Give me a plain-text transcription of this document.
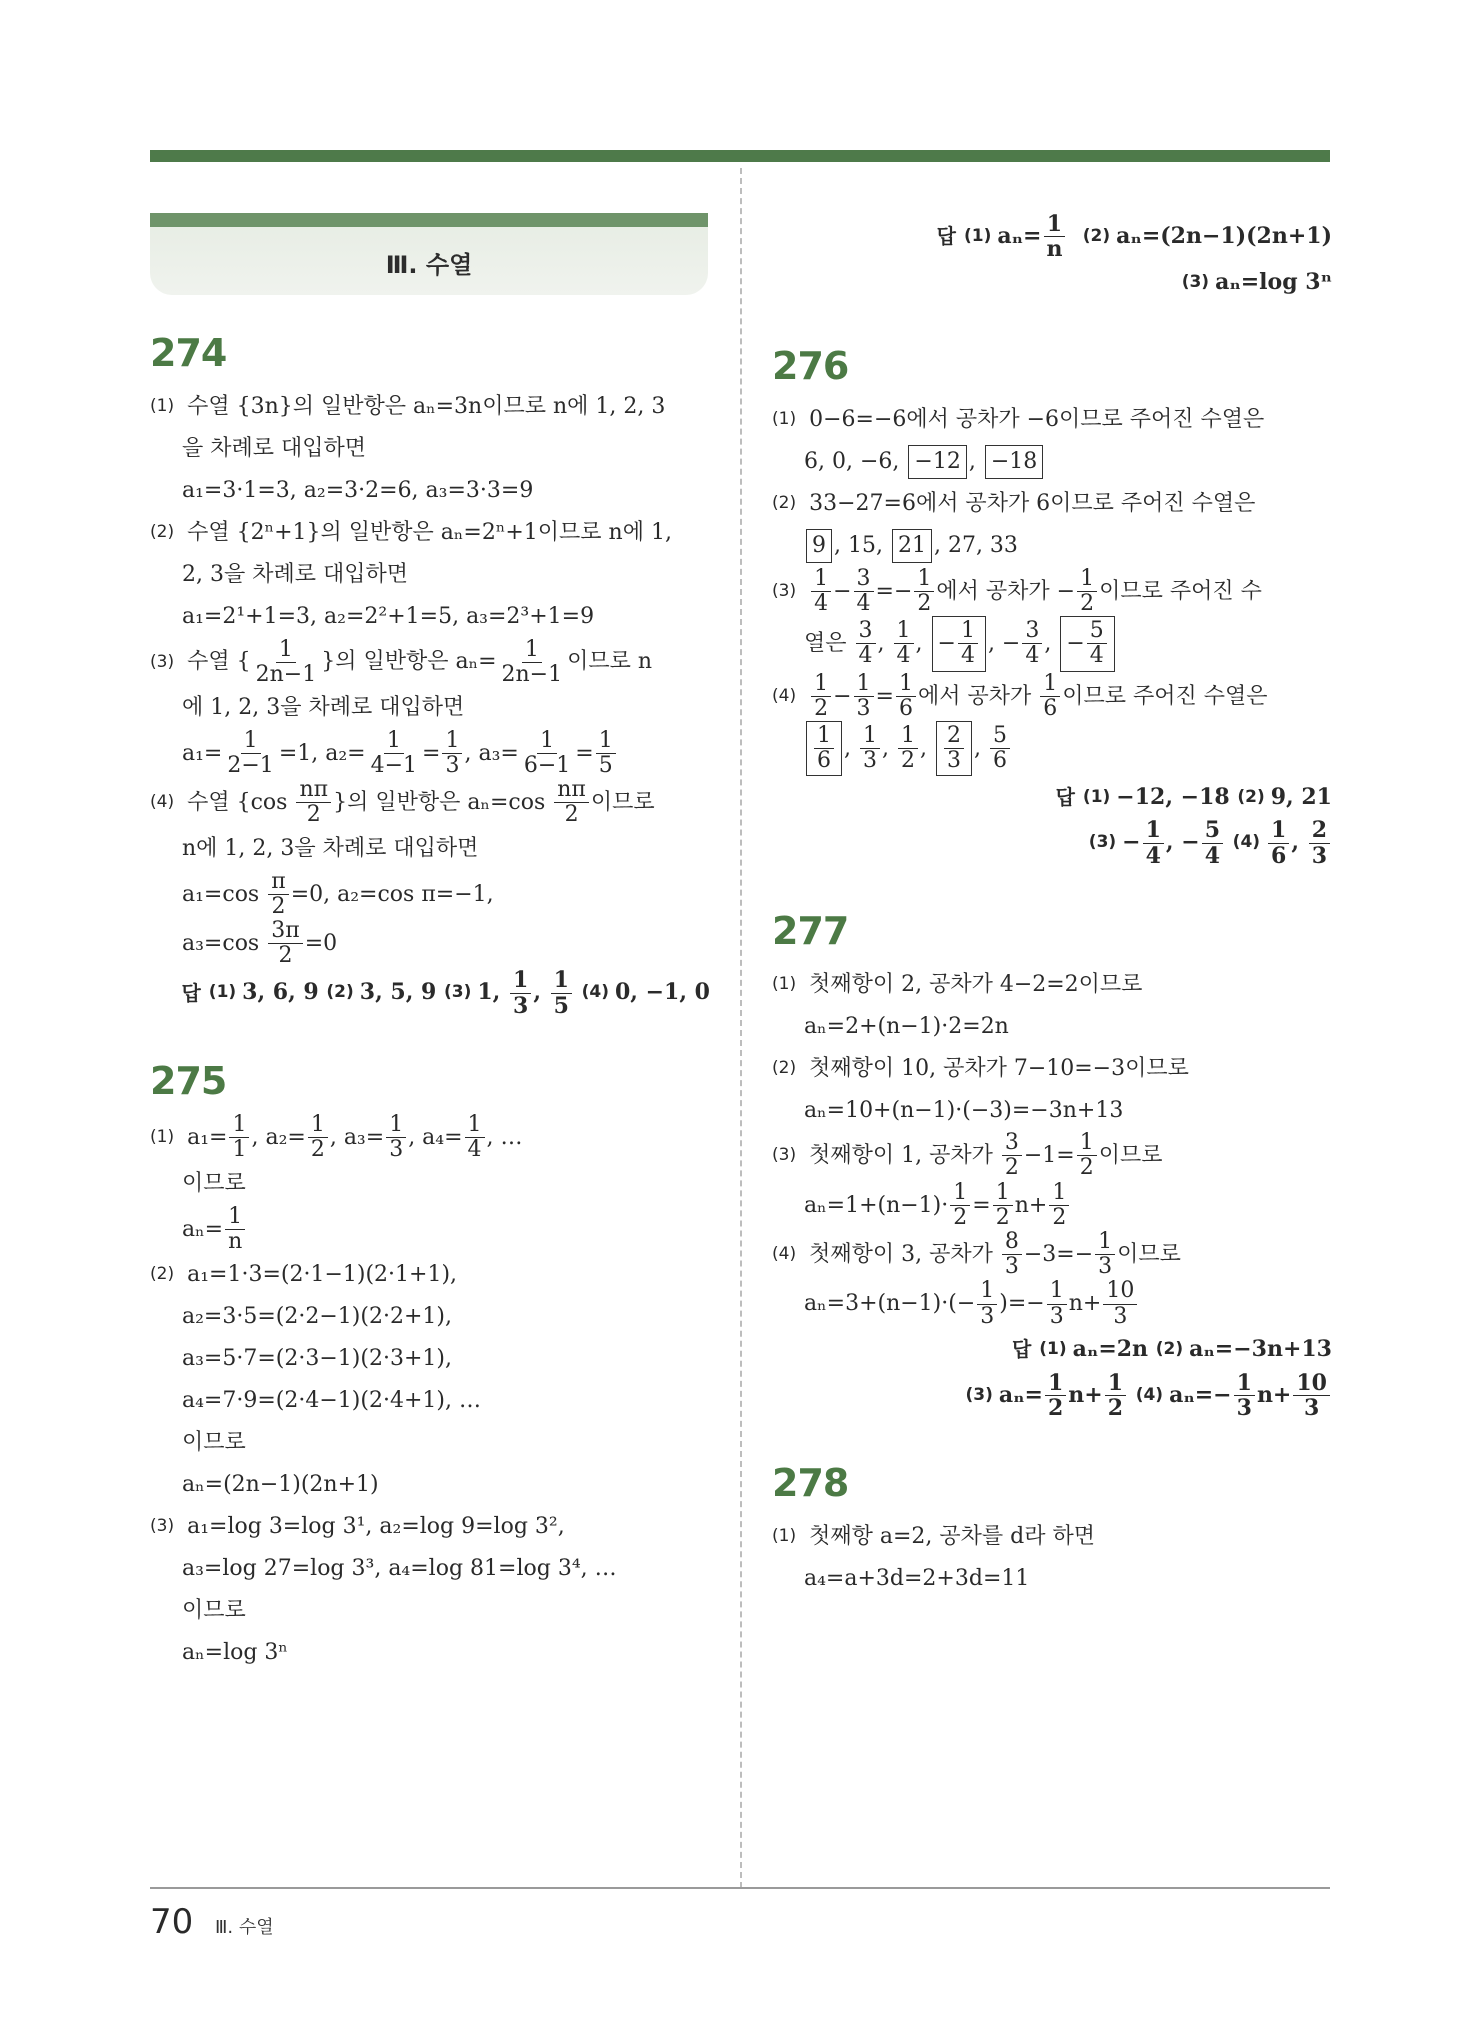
Ⅲ. 수열
274
(1) 수열 {3n}의 일반항은 aₙ=3n이므로 n에 1, 2, 3
을 차례로 대입하면
a₁=3·1=3, a₂=3·2=6, a₃=3·3=9
(2) 수열 {2ⁿ+1}의 일반항은 aₙ=2ⁿ+1이므로 n에 1,
2, 3을 차례로 대입하면
a₁=2¹+1=3, a₂=2²+1=5, a₃=2³+1=9
(3) 수열 { $\frac{1}{2n-1}$ }의 일반항은 $a_n= \frac{1}{2n-1}$ 이므로 n
에 1, 2, 3을 차례로 대입하면
$a_1= \frac{1}{2-1} =1$, $a_2= \frac{1}{4-1} = \frac{1}{3}$ , $a_3= \frac{1}{6-1} = \frac{1}{5}$
(4) 수열 {$\cos \frac{n\pi}{2}$ }의 일반항은 $a_n=\cos \frac{n\pi}{2}$ 이므로
n에 1, 2, 3을 차례로 대입하면
$a_1=\cos \frac{\pi}{2} =0$, a₂=cos π=−1,
$a_3=\cos \frac{3\pi}{2} =0$
답 (1) 3, 6, 9 (2) 3, 5, 9 (3) 1, $\frac{1}{3}$ , $\frac{1}{5}$
(4) 0, −1, 0
275
(1) $a_1= \frac{1}{1}$ , $a_2= \frac{1}{2}$ , $a_3= \frac{1}{3}$ , $a_4= \frac{1}{4}$ , …
이므로
$a_n= \frac{1}{n}$
(2) a₁=1·3=(2·1−1)(2·1+1),
a₂=3·5=(2·2−1)(2·2+1),
a₃=5·7=(2·3−1)(2·3+1),
a₄=7·9=(2·4−1)(2·4+1), …
이므로
aₙ=(2n−1)(2n+1)
(3) a₁=log 3=log 3¹, a₂=log 9=log 3²,
a₃=log 27=log 3³, a₄=log 81=log 3⁴, …
이므로
aₙ=log 3ⁿ
답 (1) $a_n= \frac{1}{n}$
(2) aₙ=(2n−1)(2n+1)
(3) aₙ=log 3ⁿ
276
(1) 0−6=−6에서 공차가 −6이므로 주어진 수열은
6, 0, −6, −12 , −18
(2) 33−27=6에서 공차가 6이므로 주어진 수열은
9 , 15, 21 , 27, 33
(3)
$\frac{1}{4} - \frac{3}{4} =- \frac{1}{2}$ 에서 공차가 − $\frac{1}{2}$ 이므로 주어진 수
열은 $\frac{3}{4}$ , $\frac{1}{4}$ , − $\frac{1}{4}$ , − $\frac{3}{4}$ , − $\frac{5}{4}$
(4)
$\frac{1}{2} - \frac{1}{3} = \frac{1}{6}$ 에서 공차가 $\frac{1}{6}$ 이므로 주어진 수열은
$\frac{1}{6}$ , $\frac{1}{3}$ , $\frac{1}{2}$ , $\frac{2}{3}$ , $\frac{5}{6}$
답 (1) −12, −18 (2) 9, 21
$(3) - \frac{1}{4}$ , − $\frac{5}{4}$
$(4) \frac{1}{6}$ , $\frac{2}{3}$
277
(1) 첫째항이 2, 공차가 4−2=2이므로
aₙ=2+(n−1)·2=2n
(2) 첫째항이 10, 공차가 7−10=−3이므로
aₙ=10+(n−1)·(−3)=−3n+13
(3) 첫째항이 1, 공차가 $\frac{3}{2} -1= \frac{1}{2}$ 이므로
$a_n=1+(n-1)\cdot \frac{1}{2} = \frac{1}{2} n+ \frac{1}{2}$
(4) 첫째항이 3, 공차가 $\frac{8}{3} -3=- \frac{1}{3}$ 이므로
$a_n=3+(n-1)\cdot(- \frac{1}{3}$ )=− $\frac{1}{3} n+ \frac{10}{3}$
답 (1) aₙ=2n (2) aₙ=−3n+13
(3) $a_n= \frac{1}{2} n+ \frac{1}{2}$
(4) $a_n=- \frac{1}{3} n+ \frac{10}{3}$
278
(1) 첫째항 a=2, 공차를 d라 하면
a₄=a+3d=2+3d=11
70 Ⅲ. 수열
